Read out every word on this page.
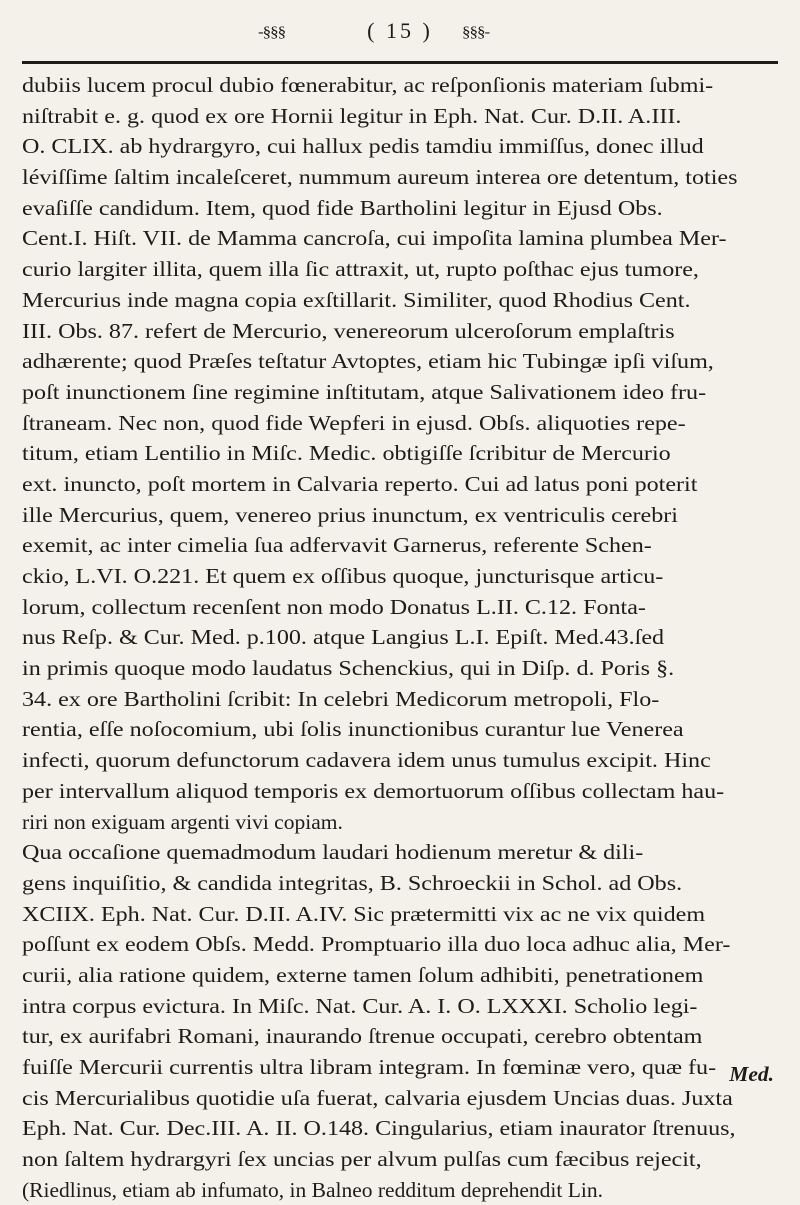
-§§§	( 15 )	§§§-
dubiis lucem procul dubio fœnerabitur, ac reſponſionis materiam ſubmi-
niſtrabit e. g. quod ex ore Hornii legitur in Eph. Nat. Cur. D.II. A.III.
O. CLIX. ab hydrargyro, cui hallux pedis tamdiu immiſſus, donec illud
léviſſime ſaltim incaleſceret, nummum aureum interea ore detentum, toties
evaſiſſe candidum. Item, quod fide Bartholini legitur in Ejusd Obs.
Cent.I. Hiſt. VII. de Mamma cancroſa, cui impoſita lamina plumbea Mer-
curio largiter illita, quem illa ſic attraxit, ut, rupto poſthac ejus tumore,
Mercurius inde magna copia exſtillarit. Similiter, quod Rhodius Cent.
III. Obs. 87. refert de Mercurio, venereorum ulceroſorum emplaſtris
adhærente; quod Præſes teſtatur Avtoptes, etiam hic Tubingæ ipſi viſum,
poſt inunctionem ſine regimine inſtitutam, atque Salivationem ideo fru-
ſtraneam. Nec non, quod fide Wepferi in ejusd. Obſs. aliquoties repe-
titum, etiam Lentilio in Miſc. Medic. obtigiſſe ſcribitur de Mercurio
ext. inuncto, poſt mortem in Calvaria reperto. Cui ad latus poni poterit
ille Mercurius, quem, venereo prius inunctum, ex ventriculis cerebri
exemit, ac inter cimelia ſua adfervavit Garnerus, referente Schen-
ckio, L.VI. O.221. Et quem ex oſſibus quoque, juncturisque articu-
lorum, collectum recenſent non modo Donatus L.II. C.12. Fonta-
nus Reſp. & Cur. Med. p.100. atque Langius L.I. Epiſt. Med.43.ſed
in primis quoque modo laudatus Schenckius, qui in Diſp. d. Poris §.
34. ex ore Bartholini ſcribit: In celebri Medicorum metropoli, Flo-
rentia, eſſe noſocomium, ubi ſolis inunctionibus curantur lue Venerea
infecti, quorum defunctorum cadavera idem unus tumulus excipit. Hinc
per intervallum aliquod temporis ex demortuorum oſſibus collectam hau-
riri non exiguam argenti vivi copiam.
Qua occaſione quemadmodum laudari hodienum meretur & dili-
gens inquiſitio, & candida integritas, B. Schroeckii in Schol. ad Obs.
XCIIX. Eph. Nat. Cur. D.II. A.IV. Sic prætermitti vix ac ne vix quidem
poſſunt ex eodem Obſs. Medd. Promptuario illa duo loca adhuc alia, Mer-
curii, alia ratione quidem, externe tamen ſolum adhibiti, penetrationem
intra corpus evictura. In Miſc. Nat. Cur. A. I. O. LXXXI. Scholio legi-
tur, ex aurifabri Romani, inaurando ſtrenue occupati, cerebro obtentam
fuiſſe Mercurii currentis ultra libram integram. In fœminæ vero, quæ fu-
cis Mercurialibus quotidie uſa fuerat, calvaria ejusdem Uncias duas. Juxta
Eph. Nat. Cur. Dec.III. A. II. O.148. Cingularius, etiam inaurator ſtrenuus,
non ſaltem hydrargyri ſex uncias per alvum pulſas cum fæcibus rejecit,
(Riedlinus, etiam ab infumato, in Balneo redditum deprehendit Lin.
Med.
